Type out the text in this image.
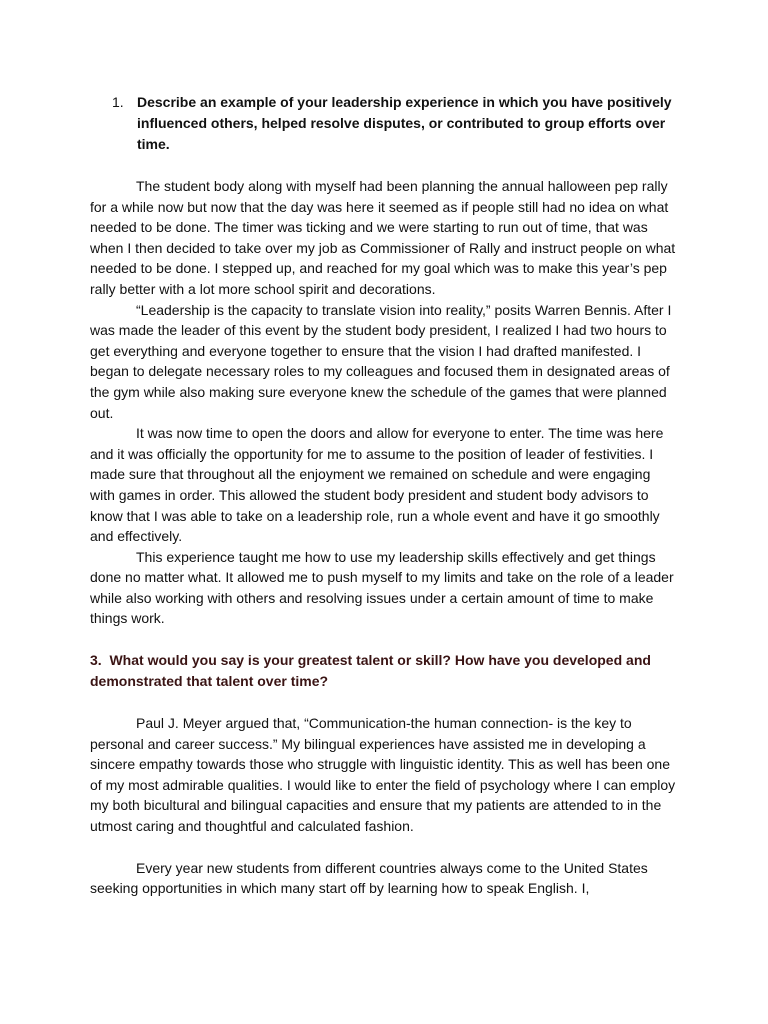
1. Describe an example of your leadership experience in which you have positively influenced others, helped resolve disputes, or contributed to group efforts over time.

The student body along with myself had been planning the annual halloween pep rally for a while now but now that the day was here it seemed as if people still had no idea on what needed to be done. The timer was ticking and we were starting to run out of time, that was when I then decided to take over my job as Commissioner of Rally and instruct people on what needed to be done. I stepped up, and reached for my goal which was to make this year’s pep rally better with a lot more school spirit and decorations.

“Leadership is the capacity to translate vision into reality,” posits Warren Bennis. After I was made the leader of this event by the student body president, I realized I had two hours to get everything and everyone together to ensure that the vision I had drafted manifested. I began to delegate necessary roles to my colleagues and focused them in designated areas of the gym while also making sure everyone knew the schedule of the games that were planned out.

It was now time to open the doors and allow for everyone to enter. The time was here and it was officially the opportunity for me to assume to the position of leader of festivities. I made sure that throughout all the enjoyment we remained on schedule and were engaging with games in order. This allowed the student body president and student body advisors to know that I was able to take on a leadership role, run a whole event and have it go smoothly and effectively.

This experience taught me how to use my leadership skills effectively and get things done no matter what. It allowed me to push myself to my limits and take on the role of a leader while also working with others and resolving issues under a certain amount of time to make things work.

3. What would you say is your greatest talent or skill? How have you developed and demonstrated that talent over time?

Paul J. Meyer argued that, “Communication-the human connection- is the key to personal and career success.” My bilingual experiences have assisted me in developing a sincere empathy towards those who struggle with linguistic identity. This as well has been one of my most admirable qualities. I would like to enter the field of psychology where I can employ my both bicultural and bilingual capacities and ensure that my patients are attended to in the utmost caring and thoughtful and calculated fashion.

Every year new students from different countries always come to the United States seeking opportunities in which many start off by learning how to speak English. I,
